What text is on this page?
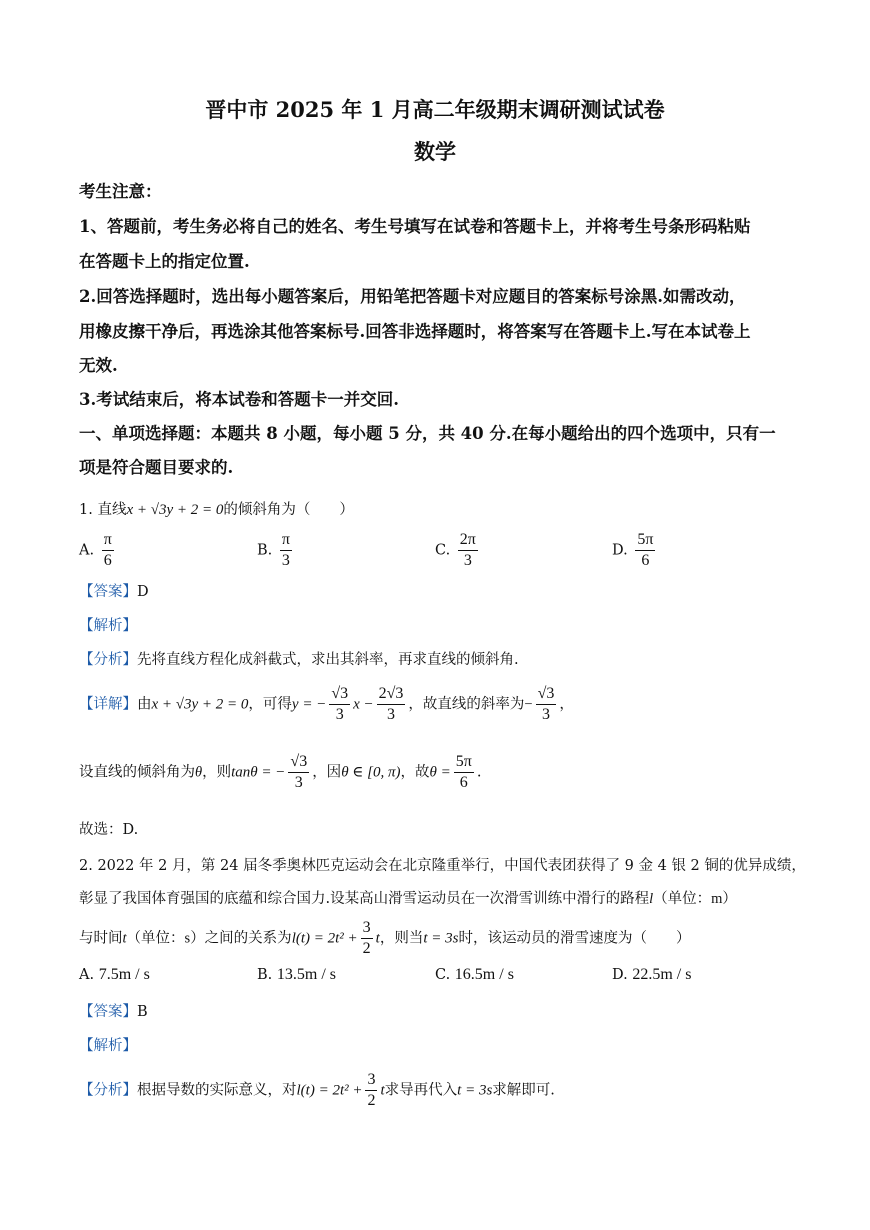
晋中市 2025 年 1 月高二年级期末调研测试试卷
数学
考生注意：
1、答题前，考生务必将自己的姓名、考生号填写在试卷和答题卡上，并将考生号条形码粘贴
在答题卡上的指定位置.
2.回答选择题时，选出每小题答案后，用铅笔把答题卡对应题目的答案标号涂黑.如需改动，
用橡皮擦干净后，再选涂其他答案标号.回答非选择题时，将答案写在答题卡上.写在本试卷上
无效.
3.考试结束后，将本试卷和答题卡一并交回.
一、单项选择题：本题共 8 小题，每小题 5 分，共 40 分.在每小题给出的四个选项中，只有一
项是符合题目要求的.
1. 直线x + √3y + 2 = 0的倾斜角为（　　）
A. $\frac{\pi}{6}$	B. $\frac{\pi}{3}$	C. $\frac{2\pi}{3}$	D. $\frac{5\pi}{6}$
【答案】D
【解析】
【分析】先将直线方程化成斜截式，求出其斜率，再求直线的倾斜角.
【详解】由x + √3y + 2 = 0，可得y = − $\frac{√3}{3}$ $x - \frac{2√3}{3}$ ，故直线的斜率为− $\frac{√3}{3}$ ，
设直线的倾斜角为θ，则tanθ = − $\frac{√3}{3}$ ，因θ ∈ [0, π)，故$\theta = \frac{5\pi}{6}$ .
故选：D.
2. 2022 年 2 月，第 24 届冬季奥林匹克运动会在北京隆重举行，中国代表团获得了 9 金 4 银 2 铜的优异成绩，
彰显了我国体育强国的底蕴和综合国力.设某高山滑雪运动员在一次滑雪训练中滑行的路程l（单位：m）
与时间t（单位：s）之间的关系为$l(t) = 2t^2 + \frac{3}{2}$ t，则当t = 3s时，该运动员的滑雪速度为（　　）
A. 7.5m / s	B. 13.5m / s	C. 16.5m / s	D. 22.5m / s
【答案】B
【解析】
【分析】根据导数的实际意义，对$l(t) = 2t^2 + \frac{3}{2}$ t求导再代入t = 3s求解即可.
